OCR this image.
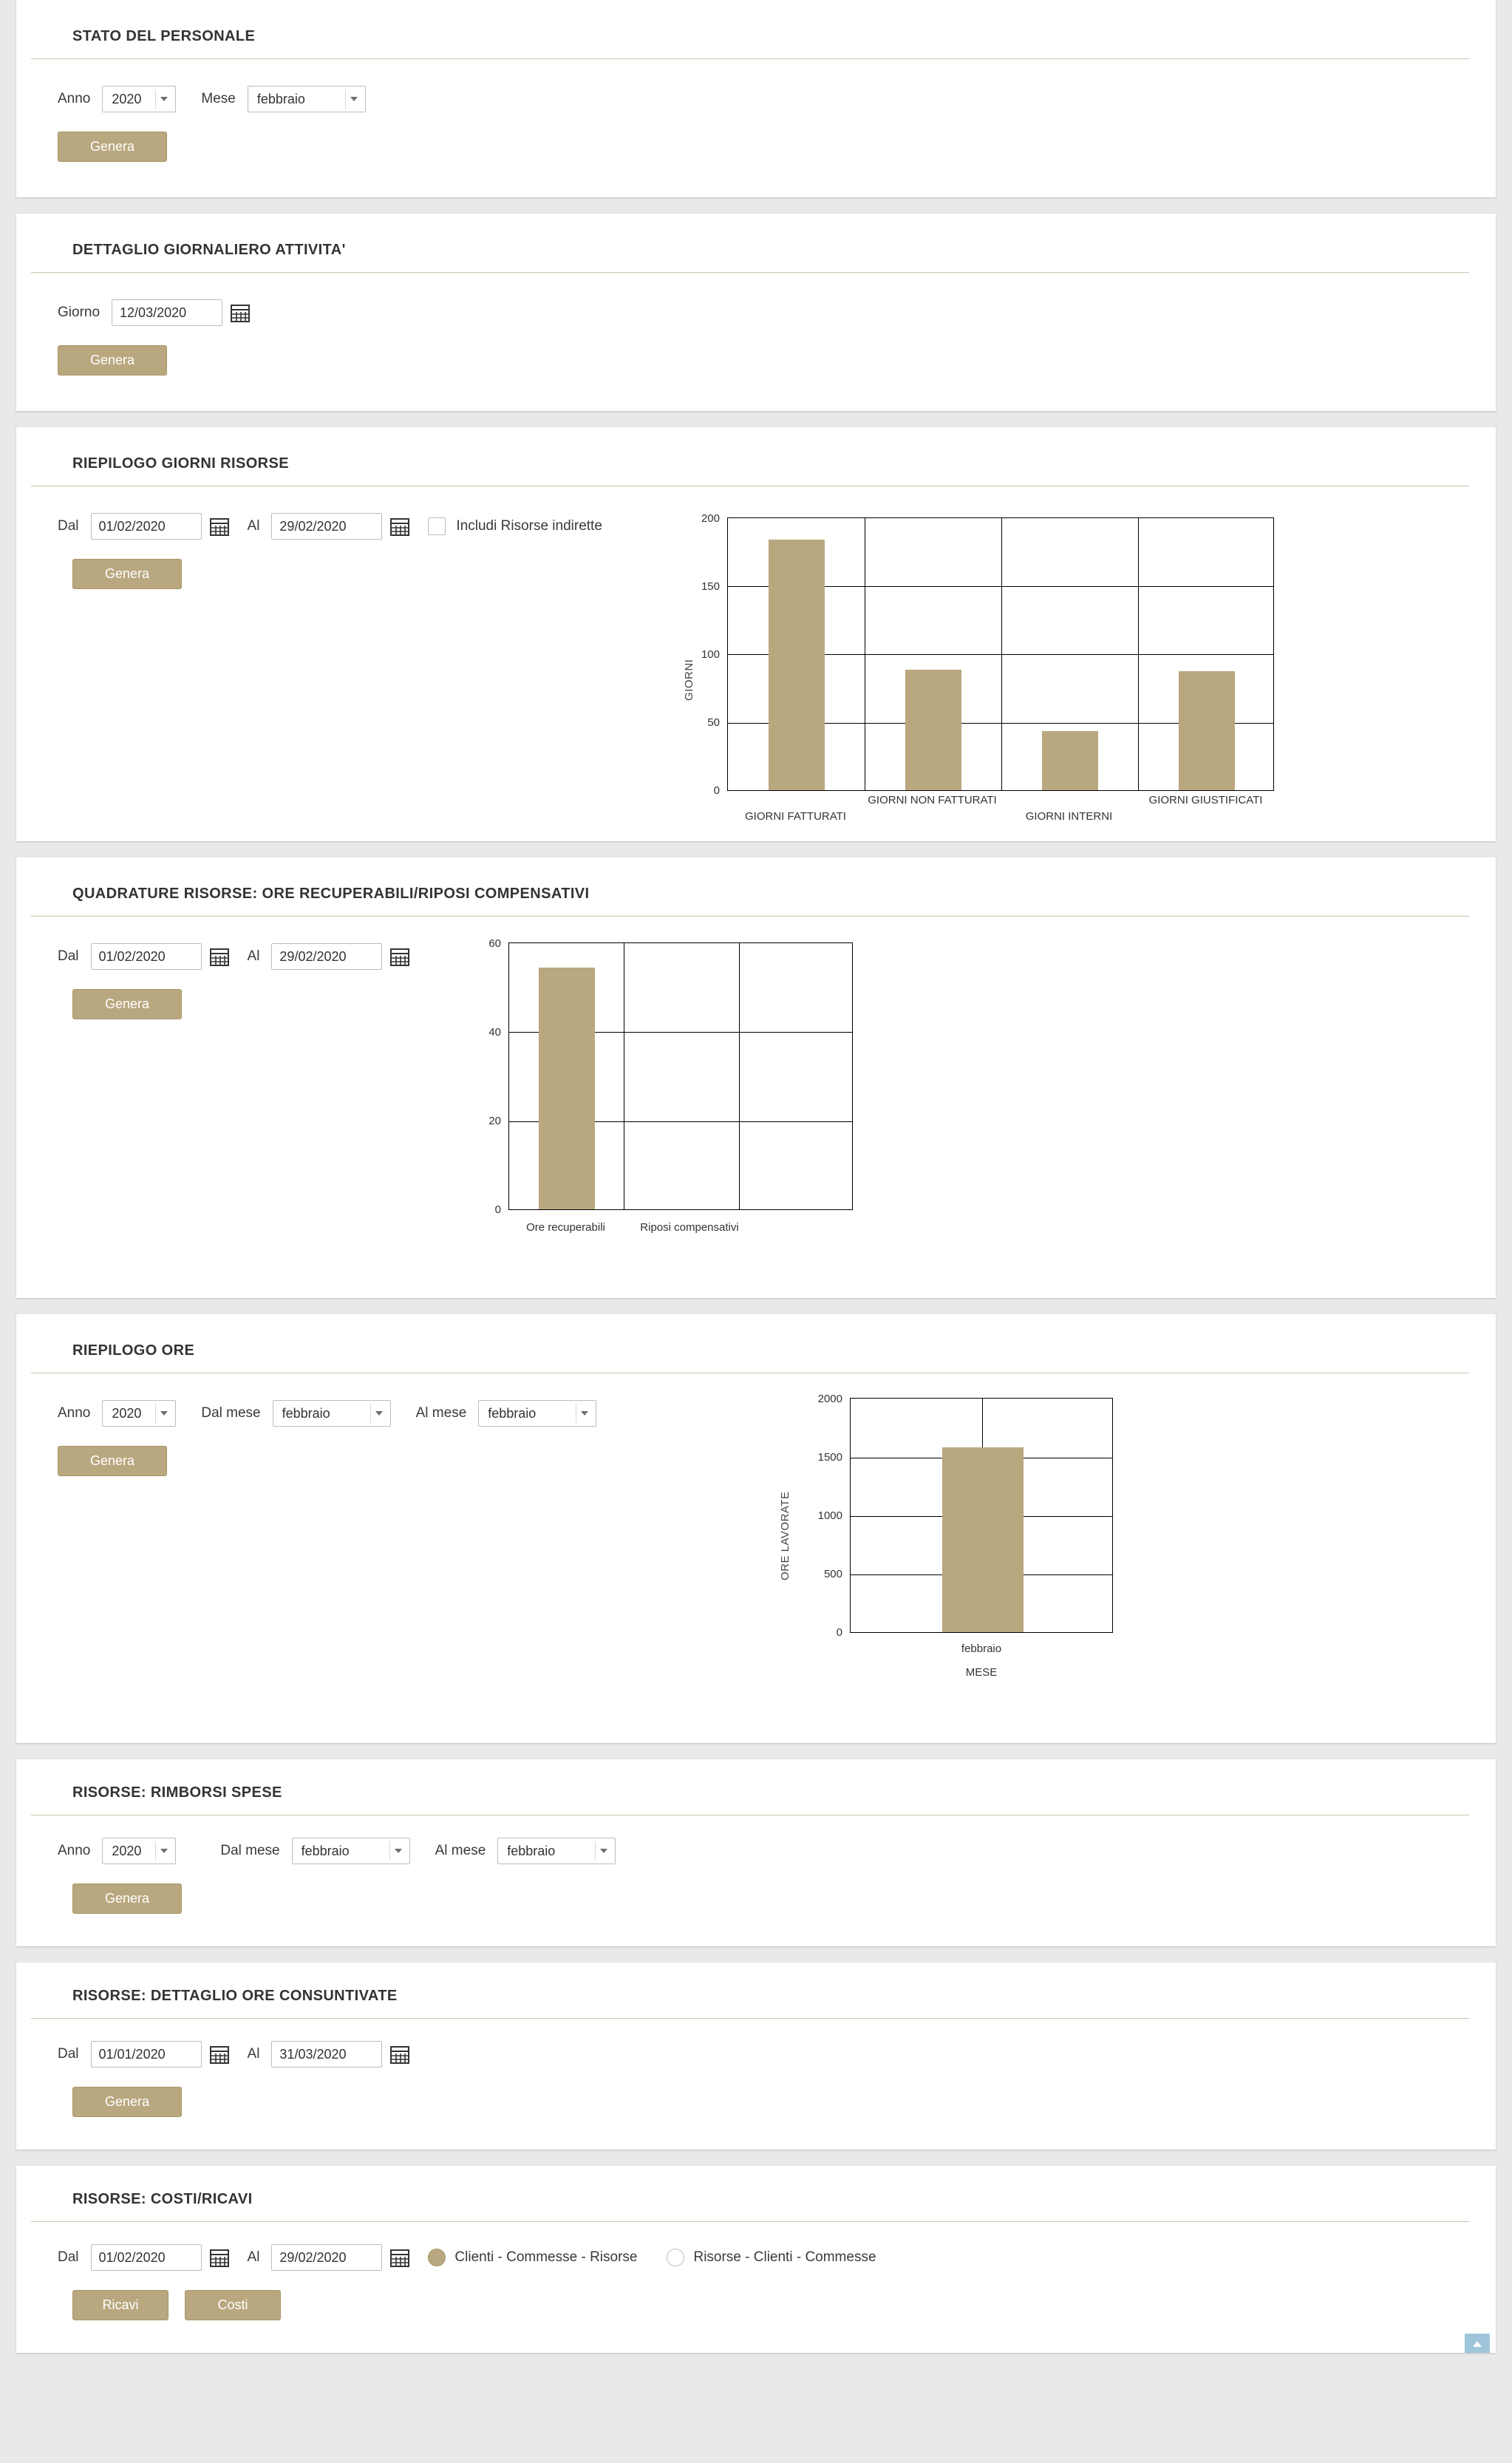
STATO DEL PERSONALE
Anno 2020	Mese febbraio
Genera
DETTAGLIO GIORNALIERO ATTIVITA'
Giorno	12/03/2020
Genera
RIEPILOGO GIORNI RISORSE
Dal	01/02/2020	Al	29/02/2020	Includi Risorse indirette
Genera
GIORNI
200
150
100
50
0
GIORNI FATTURATI
GIORNI NON FATTURATI
GIORNI INTERNI
GIORNI GIUSTIFICATI
QUADRATURE RISORSE: ORE RECUPERABILI/RIPOSI COMPENSATIVI
Dal	01/02/2020	Al	29/02/2020
Genera
60
40
20
0
Ore recuperabili	Riposi compensativi
RIEPILOGO ORE
Anno 2020	Dal mese febbraio	Al mese febbraio
Genera
ORE LAVORATE
2000
1500
1000
500
0
febbraio
MESE
RISORSE: RIMBORSI SPESE
Anno 2020	Dal mese febbraio	Al mese febbraio
Genera
RISORSE: DETTAGLIO ORE CONSUNTIVATE
Dal	01/01/2020	Al	31/03/2020
Genera
RISORSE: COSTI/RICAVI
Dal	01/02/2020	Al	29/02/2020	Clienti - Commesse - Risorse	Risorse - Clienti - Commesse
Ricavi	Costi
